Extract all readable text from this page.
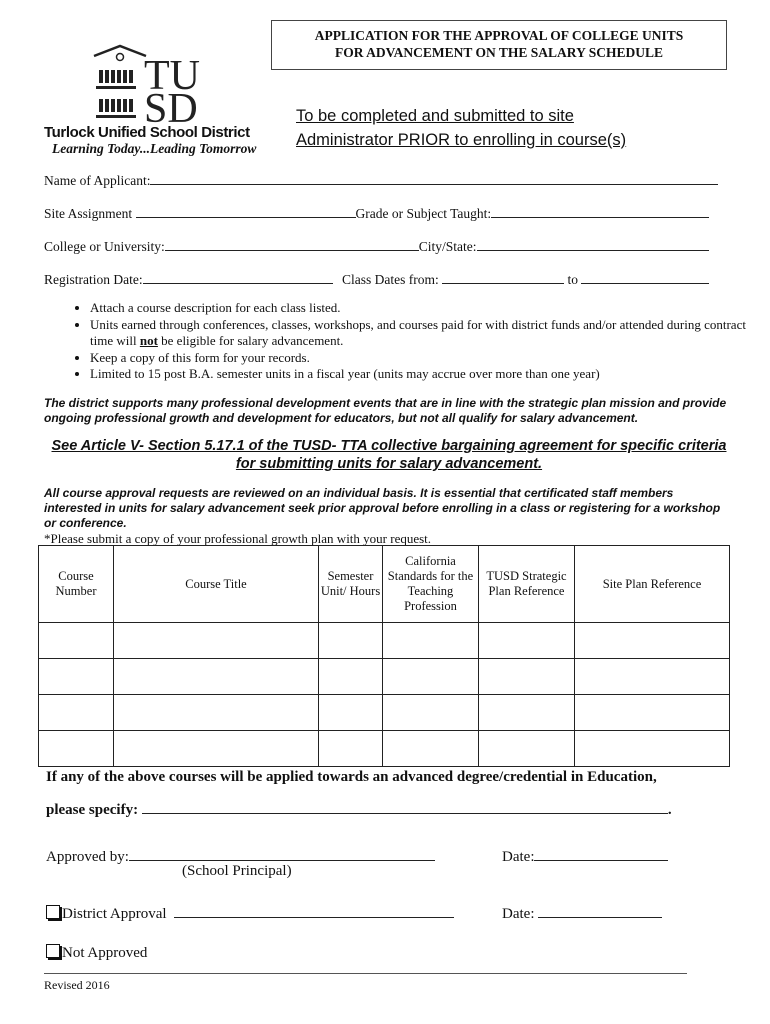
APPLICATION FOR THE APPROVAL OF COLLEGE UNITS
FOR ADVANCEMENT ON THE SALARY SCHEDULE
TU
SD
Turlock Unified School District
Learning Today...Leading Tomorrow
To be completed and submitted to site
Administrator PRIOR to enrolling in course(s)
Name of Applicant:
Site Assignment	Grade or Subject Taught:
College or University:	City/State:
Registration Date:	Class Dates from:	to
• Attach a course description for each class listed.
• Units earned through conferences, classes, workshops, and courses paid for with district funds and/or attended during contract time will not be eligible for salary advancement.
• Keep a copy of this form for your records.
• Limited to 15 post B.A. semester units in a fiscal year (units may accrue over more than one year)
The district supports many professional development events that are in line with the strategic plan mission and provide ongoing professional growth and development for educators, but not all qualify for salary advancement.
See Article V- Section 5.17.1 of the TUSD- TTA collective bargaining agreement for specific criteria for submitting units for salary advancement.
All course approval requests are reviewed on an individual basis. It is essential that certificated staff members interested in units for salary advancement seek prior approval before enrolling in a class or registering for a workshop or conference.
*Please submit a copy of your professional growth plan with your request.
Course Number	Course Title	Semester Unit/ Hours	California Standards for the Teaching Profession	TUSD Strategic Plan Reference	Site Plan Reference

If any of the above courses will be applied towards an advanced degree/credential in Education,
please specify:	.
Approved by:	Date:
(School Principal)
District Approval	Date:
Not Approved
Revised 2016
